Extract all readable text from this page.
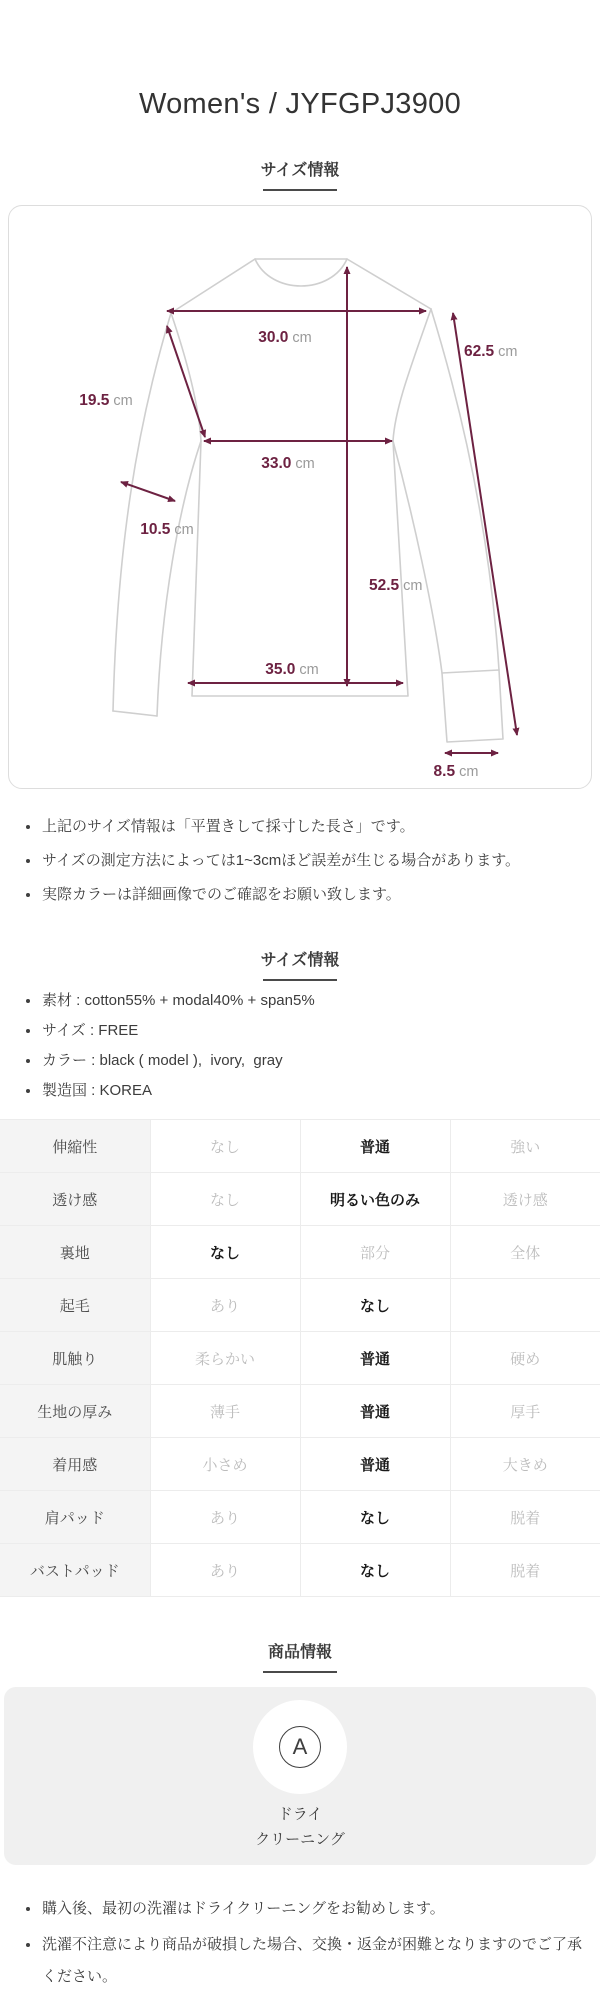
Women's / JYFGPJ3900
サイズ情報
30.0 cm
62.5 cm
19.5 cm
33.0 cm
10.5 cm
52.5 cm
35.0 cm
8.5 cm
上記のサイズ情報は「平置きして採寸した長さ」です。
サイズの測定方法によっては1~3cmほど誤差が生じる場合があります。
実際カラーは詳細画像でのご確認をお願い致します。
サイズ情報
素材 : cotton55% + modal40% + span5%
サイズ : FREE
カラー : black ( model ),  ivory,  gray
製造国 : KOREA
伸縮性	なし	普通	強い
透け感	なし	明るい色のみ	透け感
裏地	なし	部分	全体
起毛	あり	なし	
肌触り	柔らかい	普通	硬め
生地の厚み	薄手	普通	厚手
着用感	小さめ	普通	大きめ
肩パッド	あり	なし	脱着
バストパッド	あり	なし	脱着
商品情報
A
ドライ
クリーニング
購入後、最初の洗濯はドライクリーニングをお勧めします。
洗濯不注意により商品が破損した場合、交換・返金が困難となりますのでご了承ください。
